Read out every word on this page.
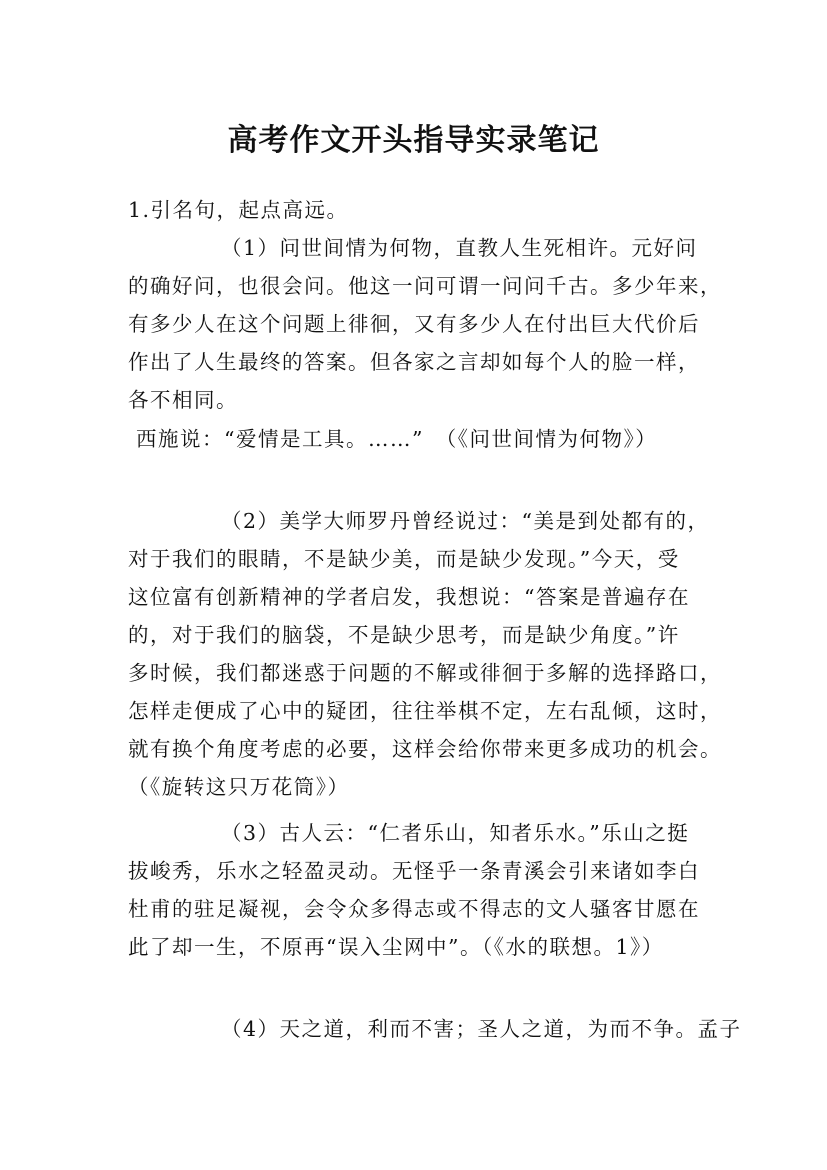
高考作文开头指导实录笔记
1.引名句，起点高远。
（1）问世间情为何物，直教人生死相许。元好问
的确好问，也很会问。他这一问可谓一问问千古。多少年来，
有多少人在这个问题上徘徊，又有多少人在付出巨大代价后
作出了人生最终的答案。但各家之言却如每个人的脸一样，
各不相同。
西施说：“爱情是工具。……”　（《问世间情为何物》）
（2）美学大师罗丹曾经说过：“美是到处都有的，
对于我们的眼睛，不是缺少美，而是缺少发现。”今天，受
这位富有创新精神的学者启发，我想说：“答案是普遍存在
的，对于我们的脑袋，不是缺少思考，而是缺少角度。”许
多时候，我们都迷惑于问题的不解或徘徊于多解的选择路口，
怎样走便成了心中的疑团，往往举棋不定，左右乱倾，这时，
就有换个角度考虑的必要，这样会给你带来更多成功的机会。
（《旋转这只万花筒》）
（3）古人云：“仁者乐山，知者乐水。”乐山之挺
拔峻秀，乐水之轻盈灵动。无怪乎一条青溪会引来诸如李白
杜甫的驻足凝视，会令众多得志或不得志的文人骚客甘愿在
此了却一生，不原再“误入尘网中”。（《水的联想。1》）
（4）天之道，利而不害；圣人之道，为而不争。孟子
